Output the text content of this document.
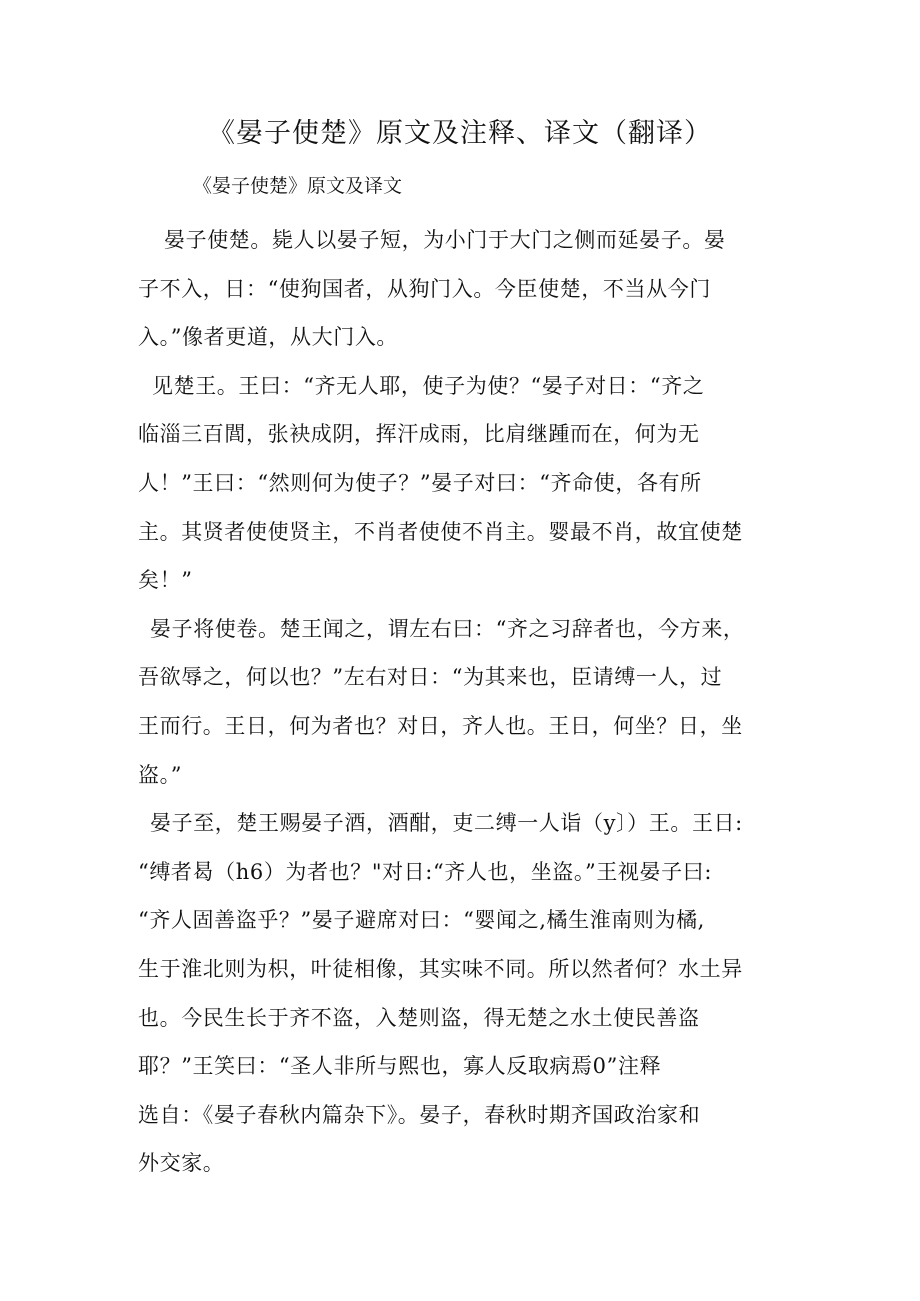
《晏子使楚》原文及注释、译文（翻译）

《晏子使楚》原文及译文

晏子使楚。毙人以晏子短，为小门于大门之侧而延晏子。晏
子不入，日：“使狗国者，从狗门入。今臣使楚，不当从今门
入。”像者更道，从大门入。
见楚王。王曰：“齐无人耶，使子为使？“晏子对日：“齐之
临淄三百閭，张袂成阴，挥汗成雨，比肩继踵而在，何为无
人！”王曰：“然则何为使子？”晏子对曰：“齐命使，各有所
主。其贤者使使贤主，不肖者使使不肖主。婴最不肖，故宜使楚
矣！”
晏子将使卷。楚王闻之，谓左右曰：“齐之习辞者也，今方来，
吾欲辱之，何以也？”左右对日：“为其来也，臣请缚一人，过
王而行。王日，何为者也？对日，齐人也。王日，何坐？日，坐
盗。”
晏子至，楚王赐晏子酒，酒酣，吏二缚一人诣（y〕）王。王日:
“缚者曷（h6）为者也？"对日:“齐人也，坐盗。”王视晏子曰:
“齐人固善盗乎？”晏子避席对曰：“婴闻之,橘生淮南则为橘,
生于淮北则为枳，叶徒相像，其实味不同。所以然者何？水土异
也。今民生长于齐不盗，入楚则盗，得无楚之水土使民善盗
耶？”王笑曰：“圣人非所与熙也，寡人反取病焉0”注释
选自：《晏子春秋内篇杂下》。晏子，春秋时期齐国政治家和
外交家。
